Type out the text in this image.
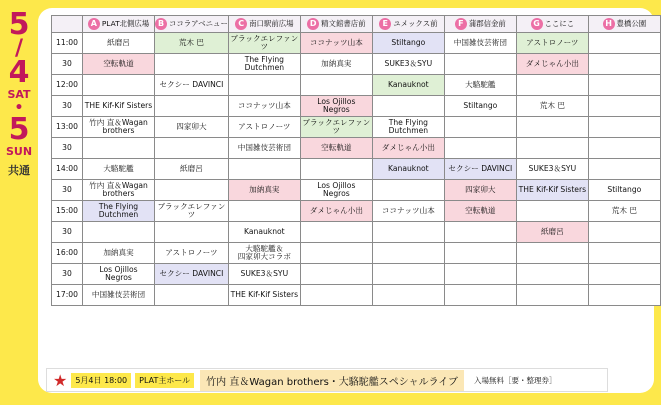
5
/
4
SAT
•
5
SUN
共通
	A PLAT北側広場	B ココラアベニュー	C 南口駅前広場	D 精文館書店前	E ユメックス前	F 蒲郡信金前	G ここにこ	H 豊橋公園
11:00	紙磨呂	荒木 巴	ブラックエレファンツ	ココナッツ山本	Stiltango	中国雑伎芸術団	アストロノーツ	
30	空転軌道		The Flying
Dutchmen	加納真実	SUKE3＆SYU		ダメじゃん小出	
12:00		セクシー DAVINCI			Kanauknot	大駱駝艦		
30	THE Kif-Kif Sisters		ココナッツ山本	Los Ojillos
Negros		Stiltango	荒木 巴	
13:00	竹内 直＆Wagan
brothers	四家卯大	アストロノーツ	ブラックエレファンツ	The Flying
Dutchmen			
30			中国雑伎芸術団	空転軌道	ダメじゃん小出			
14:00	大駱駝艦	紙磨呂			Kanauknot	セクシー DAVINCI	SUKE3＆SYU	
30	竹内 直＆Wagan
brothers		加納真実	Los Ojillos
Negros		四家卯大	THE Kif-Kif Sisters	Stiltango
15:00	The Flying
Dutchmen	ブラックエレファンツ		ダメじゃん小出	ココナッツ山本	空転軌道		荒木 巴
30			Kanauknot				紙磨呂	
16:00	加納真実	アストロノーツ	大駱駝艦＆
四家卯大コラボ					
30	Los Ojillos
Negros	セクシー DAVINCI	SUKE3＆SYU					
17:00	中国雑伎芸術団		THE Kif-Kif Sisters					
★	5月4日 18:00	PLAT主ホール	竹内 直＆Wagan brothers・大駱駝艦スペシャルライブ	入場無料［要・整理券］
